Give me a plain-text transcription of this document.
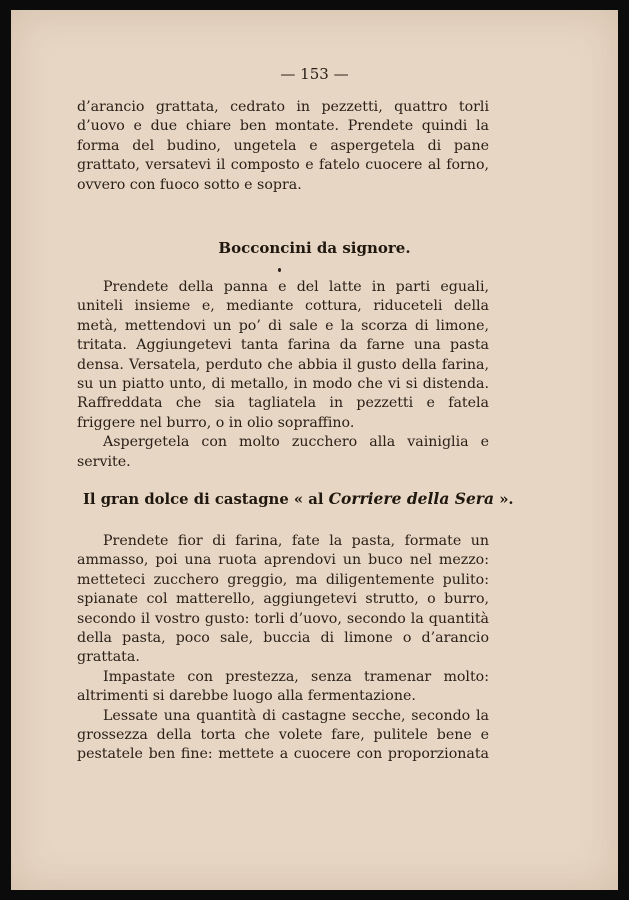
— 153 —

d’arancio grattata, cedrato in pezzetti, quattro torli d’uovo e due chiare ben montate. Prendete quindi la forma del budino, ungetela e aspergetela di pane grattato, versatevi il composto e fatelo cuocere al forno, ovvero con fuoco sotto e sopra.

Bocconcini da signore.

Prendete della panna e del latte in parti eguali, uniteli insieme e, mediante cottura, riduceteli della metà, mettendovi un po’ di sale e la scorza di limone, tritata. Aggiungetevi tanta farina da farne una pasta densa. Versatela, perduto che abbia il gusto della farina, su un piatto unto, di metallo, in modo che vi si distenda. Raffreddata che sia tagliatela in pezzetti e fatela friggere nel burro, o in olio sopraffino.

Aspergetela con molto zucchero alla vainiglia e servite.

Il gran dolce di castagne « al Corriere della Sera ».

Prendete fior di farina, fate la pasta, formate un ammasso, poi una ruota aprendovi un buco nel mezzo: metteteci zucchero greggio, ma diligentemente pulito: spianate col matterello, aggiungetevi strutto, o burro, secondo il vostro gusto: torli d’uovo, secondo la quantità della pasta, poco sale, buccia di limone o d’arancio grattata.

Impastate con prestezza, senza tramenar molto: altrimenti si darebbe luogo alla fermentazione.

Lessate una quantità di castagne secche, secondo la grossezza della torta che volete fare, pulitele bene e pestatele ben fine: mettete a cuocere con proporzionata
